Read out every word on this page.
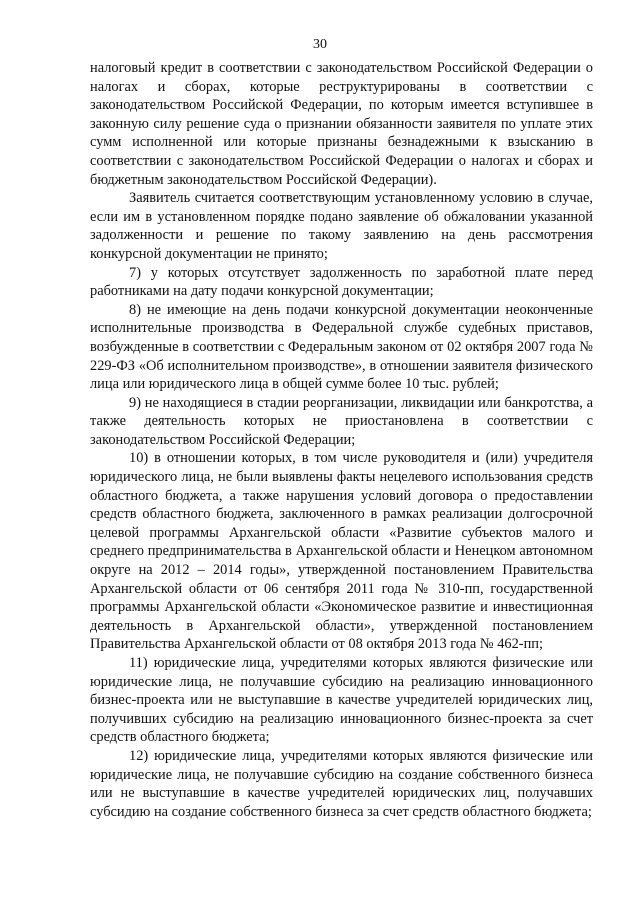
30

налоговый кредит в соответствии с законодательством Российской Федерации о налогах и сборах, которые реструктурированы в соответствии с законодательством Российской Федерации, по которым имеется вступившее в законную силу решение суда о признании обязанности заявителя по уплате этих сумм исполненной или которые признаны безнадежными к взысканию в соответствии с законодательством Российской Федерации о налогах и сборах и бюджетным законодательством Российской Федерации).

Заявитель считается соответствующим установленному условию в случае, если им в установленном порядке подано заявление об обжаловании указанной задолженности и решение по такому заявлению на день рассмотрения конкурсной документации не принято;

7) у которых отсутствует задолженность по заработной плате перед работниками на дату подачи конкурсной документации;

8) не имеющие на день подачи конкурсной документации неоконченные исполнительные производства в Федеральной службе судебных приставов, возбужденные в соответствии с Федеральным законом от 02 октября 2007 года № 229-ФЗ «Об исполнительном производстве», в отношении заявителя физического лица или юридического лица в общей сумме более 10 тыс. рублей;

9) не находящиеся в стадии реорганизации, ликвидации или банкротства, а также деятельность которых не приостановлена в соответствии с законодательством Российской Федерации;

10) в отношении которых, в том числе руководителя и (или) учредителя юридического лица, не были выявлены факты нецелевого использования средств областного бюджета, а также нарушения условий договора о предоставлении средств областного бюджета, заключенного в рамках реализации долгосрочной целевой программы Архангельской области «Развитие субъектов малого и среднего предпринимательства в Архангельской области и Ненецком автономном округе на 2012 – 2014 годы», утвержденной постановлением Правительства Архангельской области от 06 сентября 2011 года № 310-пп, государственной программы Архангельской области «Экономическое развитие и инвестиционная деятельность в Архангельской области», утвержденной постановлением Правительства Архангельской области от 08 октября 2013 года № 462-пп;

11) юридические лица, учредителями которых являются физические или юридические лица, не получавшие субсидию на реализацию инновационного бизнес-проекта или не выступавшие в качестве учредителей юридических лиц, получивших субсидию на реализацию инновационного бизнес-проекта за счет средств областного бюджета;

12) юридические лица, учредителями которых являются физические или юридические лица, не получавшие субсидию на создание собственного бизнеса или не выступавшие в качестве учредителей юридических лиц, получавших субсидию на создание собственного бизнеса за счет средств областного бюджета;
